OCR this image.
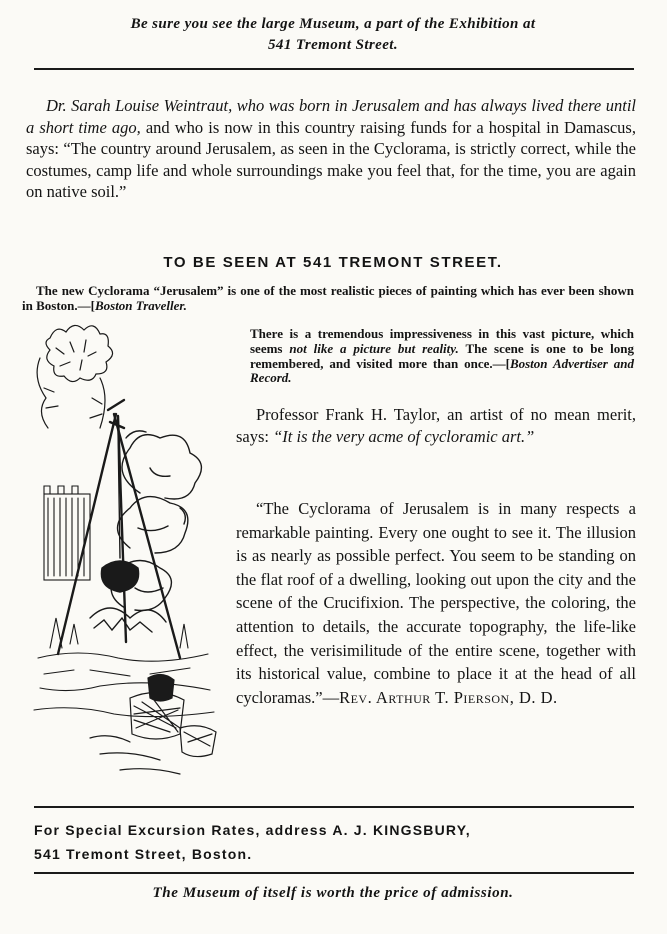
Be sure you see the large Museum, a part of the Exhibition at
541 Tremont Street.
Dr. Sarah Louise Weintraut, who was born in Jerusalem and has always lived there until a short time ago, and who is now in this country raising funds for a hospital in Damascus, says: “The country around Jerusalem, as seen in the Cyclorama, is strictly correct, while the costumes, camp life and whole surroundings make you feel that, for the time, you are again on native soil.”
TO BE SEEN AT 541 TREMONT STREET.
The new Cyclorama “Jerusalem” is one of the most realistic pieces of painting which has ever been shown in Boston.—[Boston Traveller.
There is a tremendous impressiveness in this vast picture, which seems not like a picture but reality. The scene is one to be long remembered, and visited more than once.—[Boston Advertiser and Record.
Professor Frank H. Taylor, an artist of no mean merit, says: “It is the very acme of cycloramic art.”
“The Cyclorama of Jerusalem is in many respects a remarkable painting. Every one ought to see it. The illusion is as nearly as possible perfect. You seem to be standing on the flat roof of a dwelling, looking out upon the city and the scene of the Crucifixion. The perspective, the coloring, the attention to details, the accurate topography, the life-like effect, the verisimilitude of the entire scene, together with its historical value, combine to place it at the head of all cycloramas.”—Rev. Arthur T. Pierson, D. D.
For Special Excursion Rates, address A. J. KINGSBURY,
541 Tremont Street, Boston.
The Museum of itself is worth the price of admission.
